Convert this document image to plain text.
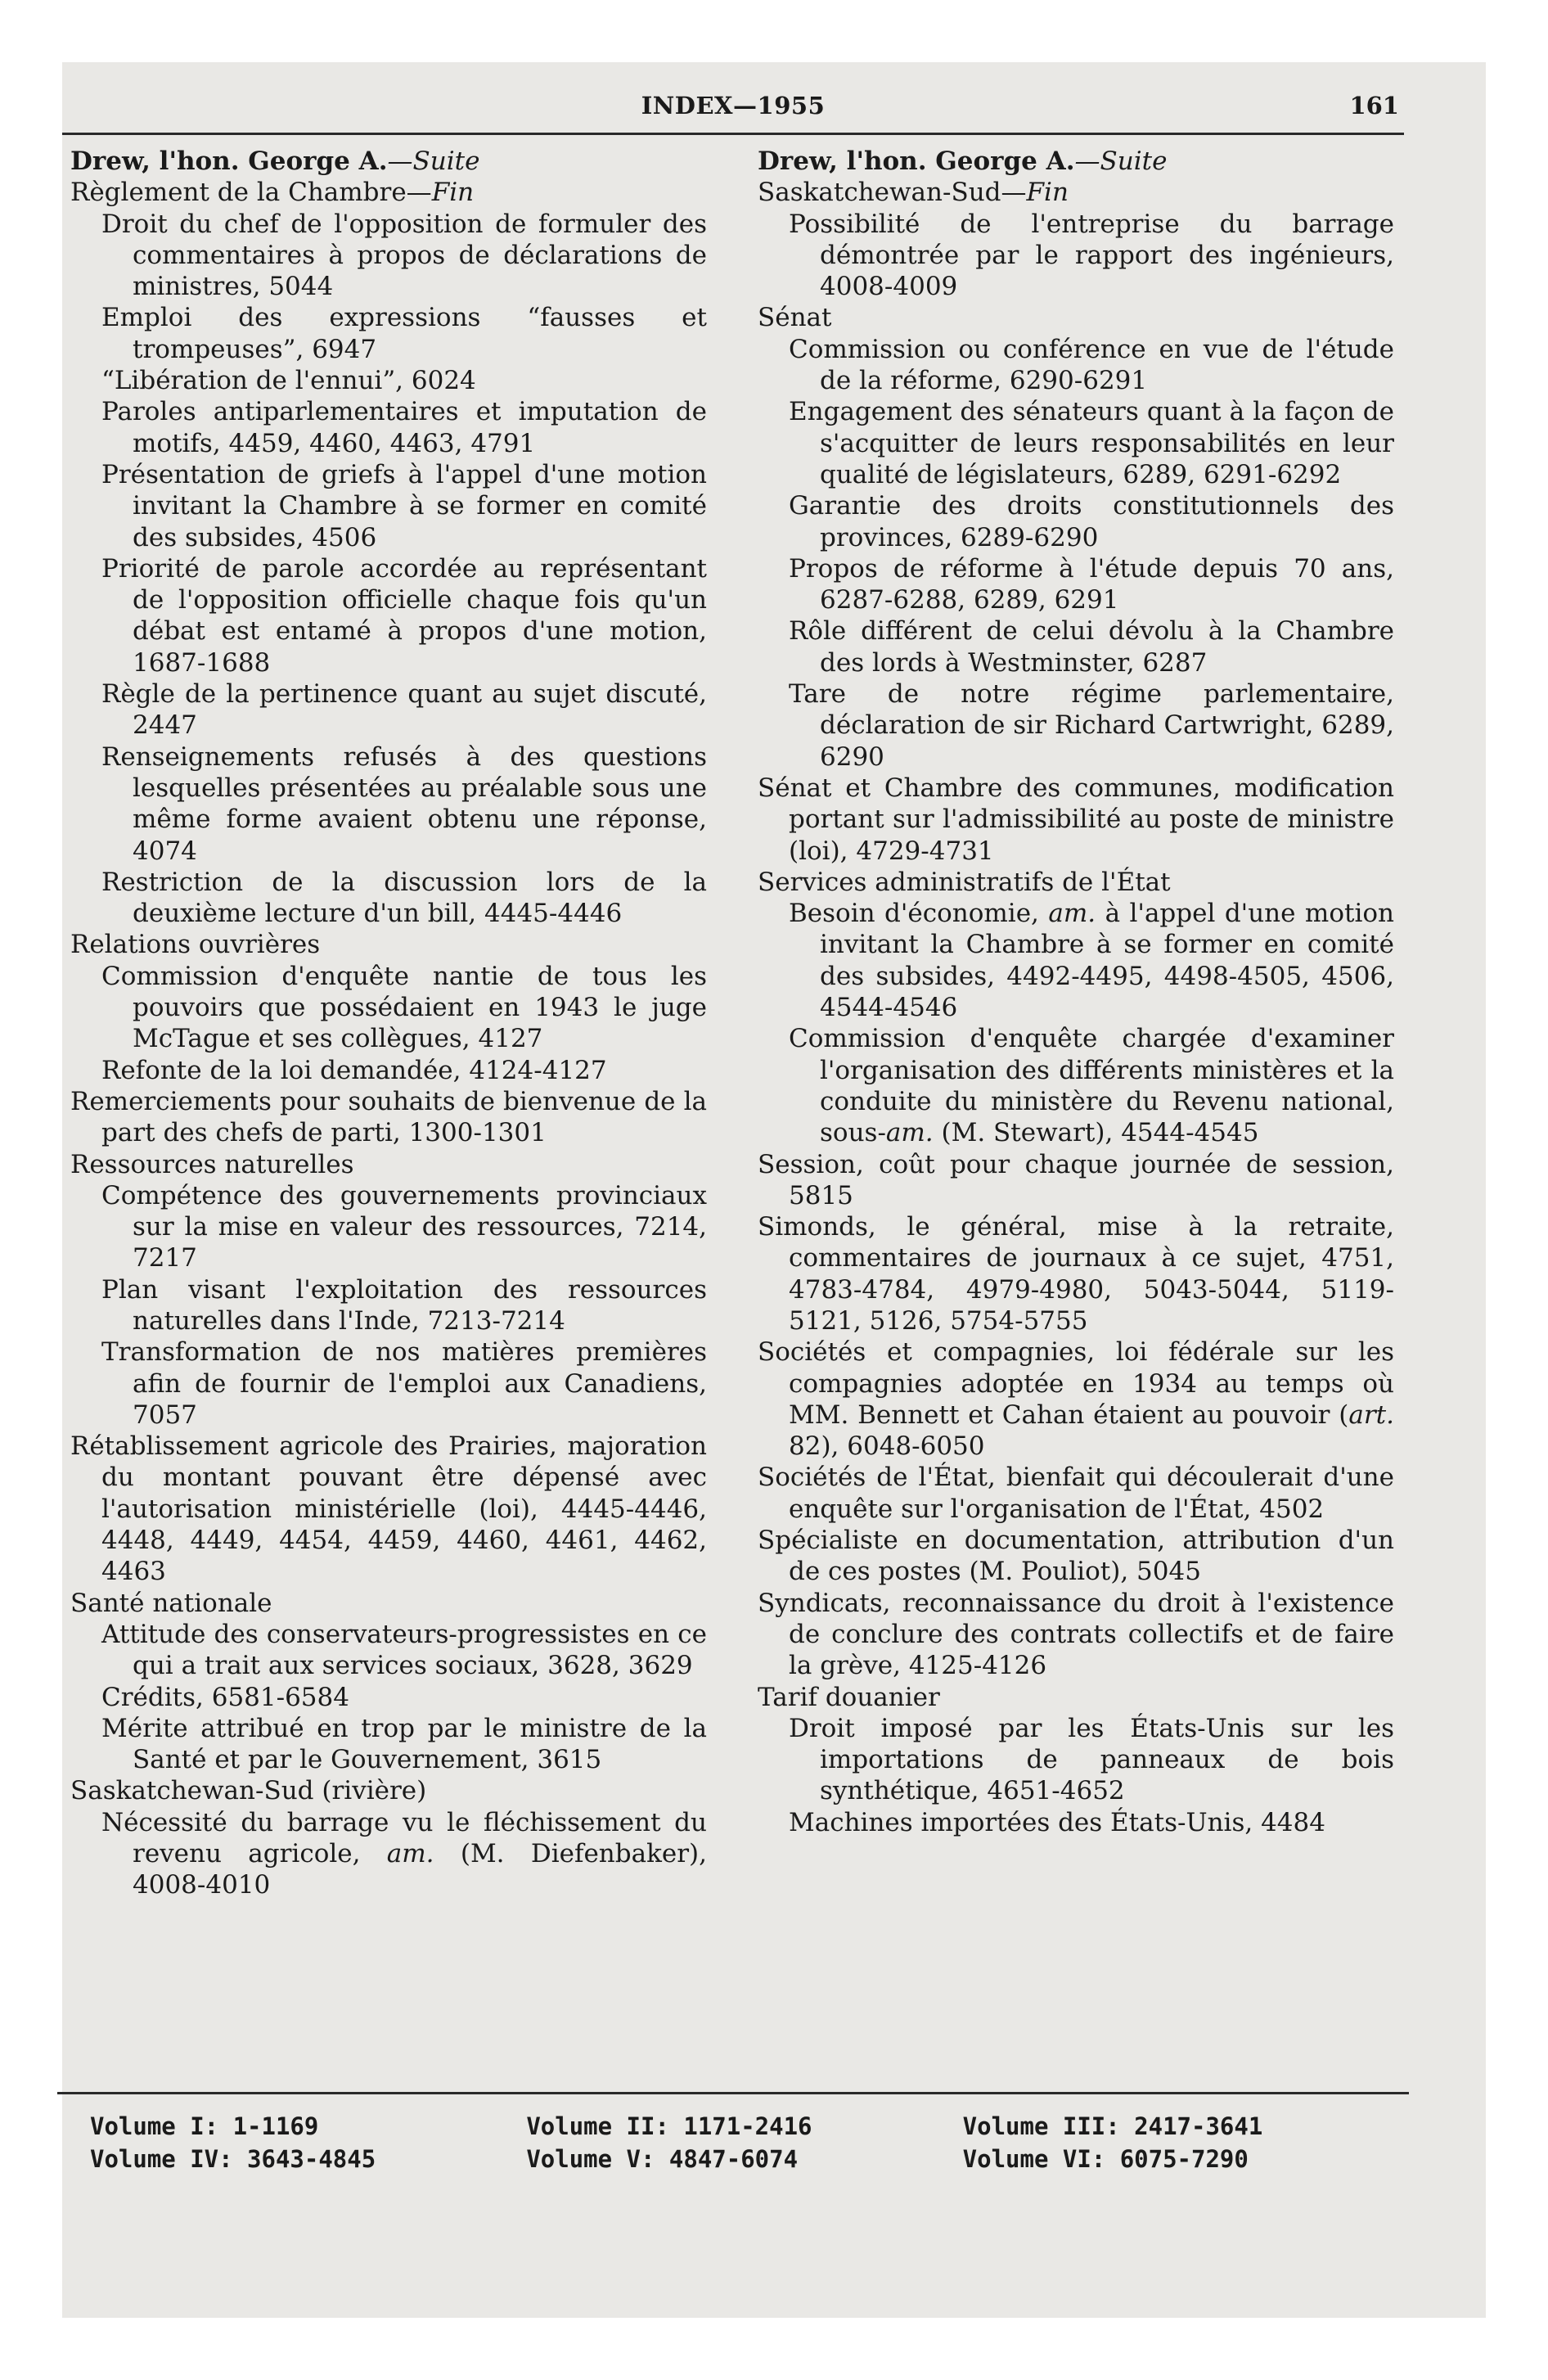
INDEX—1955	161
Drew, l'hon. George A.—Suite
Règlement de la Chambre—Fin
Droit du chef de l'opposition de formuler des commentaires à propos de déclarations de ministres, 5044
Emploi des expressions “fausses et trompeuses”, 6947
“Libération de l'ennui”, 6024
Paroles antiparlementaires et imputation de motifs, 4459, 4460, 4463, 4791
Présentation de griefs à l'appel d'une motion invitant la Chambre à se former en comité des subsides, 4506
Priorité de parole accordée au représentant de l'opposition officielle chaque fois qu'un débat est entamé à propos d'une motion, 1687-1688
Règle de la pertinence quant au sujet discuté, 2447
Renseignements refusés à des questions lesquelles présentées au préalable sous une même forme avaient obtenu une réponse, 4074
Restriction de la discussion lors de la deuxième lecture d'un bill, 4445-4446
Relations ouvrières
Commission d'enquête nantie de tous les pouvoirs que possédaient en 1943 le juge McTague et ses collègues, 4127
Refonte de la loi demandée, 4124-4127
Remerciements pour souhaits de bienvenue de la part des chefs de parti, 1300-1301
Ressources naturelles
Compétence des gouvernements provinciaux sur la mise en valeur des ressources, 7214, 7217
Plan visant l'exploitation des ressources naturelles dans l'Inde, 7213-7214
Transformation de nos matières premières afin de fournir de l'emploi aux Canadiens, 7057
Rétablissement agricole des Prairies, majoration du montant pouvant être dépensé avec l'autorisation ministérielle (loi), 4445-4446, 4448, 4449, 4454, 4459, 4460, 4461, 4462, 4463
Santé nationale
Attitude des conservateurs-progressistes en ce qui a trait aux services sociaux, 3628, 3629
Crédits, 6581-6584
Mérite attribué en trop par le ministre de la Santé et par le Gouvernement, 3615
Saskatchewan-Sud (rivière)
Nécessité du barrage vu le fléchissement du revenu agricole, am. (M. Diefenbaker), 4008-4010
Drew, l'hon. George A.—Suite
Saskatchewan-Sud—Fin
Possibilité de l'entreprise du barrage démontrée par le rapport des ingénieurs, 4008-4009
Sénat
Commission ou conférence en vue de l'étude de la réforme, 6290-6291
Engagement des sénateurs quant à la façon de s'acquitter de leurs responsabilités en leur qualité de législateurs, 6289, 6291-6292
Garantie des droits constitutionnels des provinces, 6289-6290
Propos de réforme à l'étude depuis 70 ans, 6287-6288, 6289, 6291
Rôle différent de celui dévolu à la Chambre des lords à Westminster, 6287
Tare de notre régime parlementaire, déclaration de sir Richard Cartwright, 6289, 6290
Sénat et Chambre des communes, modification portant sur l'admissibilité au poste de ministre (loi), 4729-4731
Services administratifs de l'État
Besoin d'économie, am. à l'appel d'une motion invitant la Chambre à se former en comité des subsides, 4492-4495, 4498-4505, 4506, 4544-4546
Commission d'enquête chargée d'examiner l'organisation des différents ministères et la conduite du ministère du Revenu national, sous-am. (M. Stewart), 4544-4545
Session, coût pour chaque journée de session, 5815
Simonds, le général, mise à la retraite, commentaires de journaux à ce sujet, 4751, 4783-4784, 4979-4980, 5043-5044, 5119-5121, 5126, 5754-5755
Sociétés et compagnies, loi fédérale sur les compagnies adoptée en 1934 au temps où MM. Bennett et Cahan étaient au pouvoir (art. 82), 6048-6050
Sociétés de l'État, bienfait qui découlerait d'une enquête sur l'organisation de l'État, 4502
Spécialiste en documentation, attribution d'un de ces postes (M. Pouliot), 5045
Syndicats, reconnaissance du droit à l'existence de conclure des contrats collectifs et de faire la grève, 4125-4126
Tarif douanier
Droit imposé par les États-Unis sur les importations de panneaux de bois synthétique, 4651-4652
Machines importées des États-Unis, 4484
Volume I: 1-1169	Volume II: 1171-2416	Volume III: 2417-3641
Volume IV: 3643-4845	Volume V: 4847-6074	Volume VI: 6075-7290
